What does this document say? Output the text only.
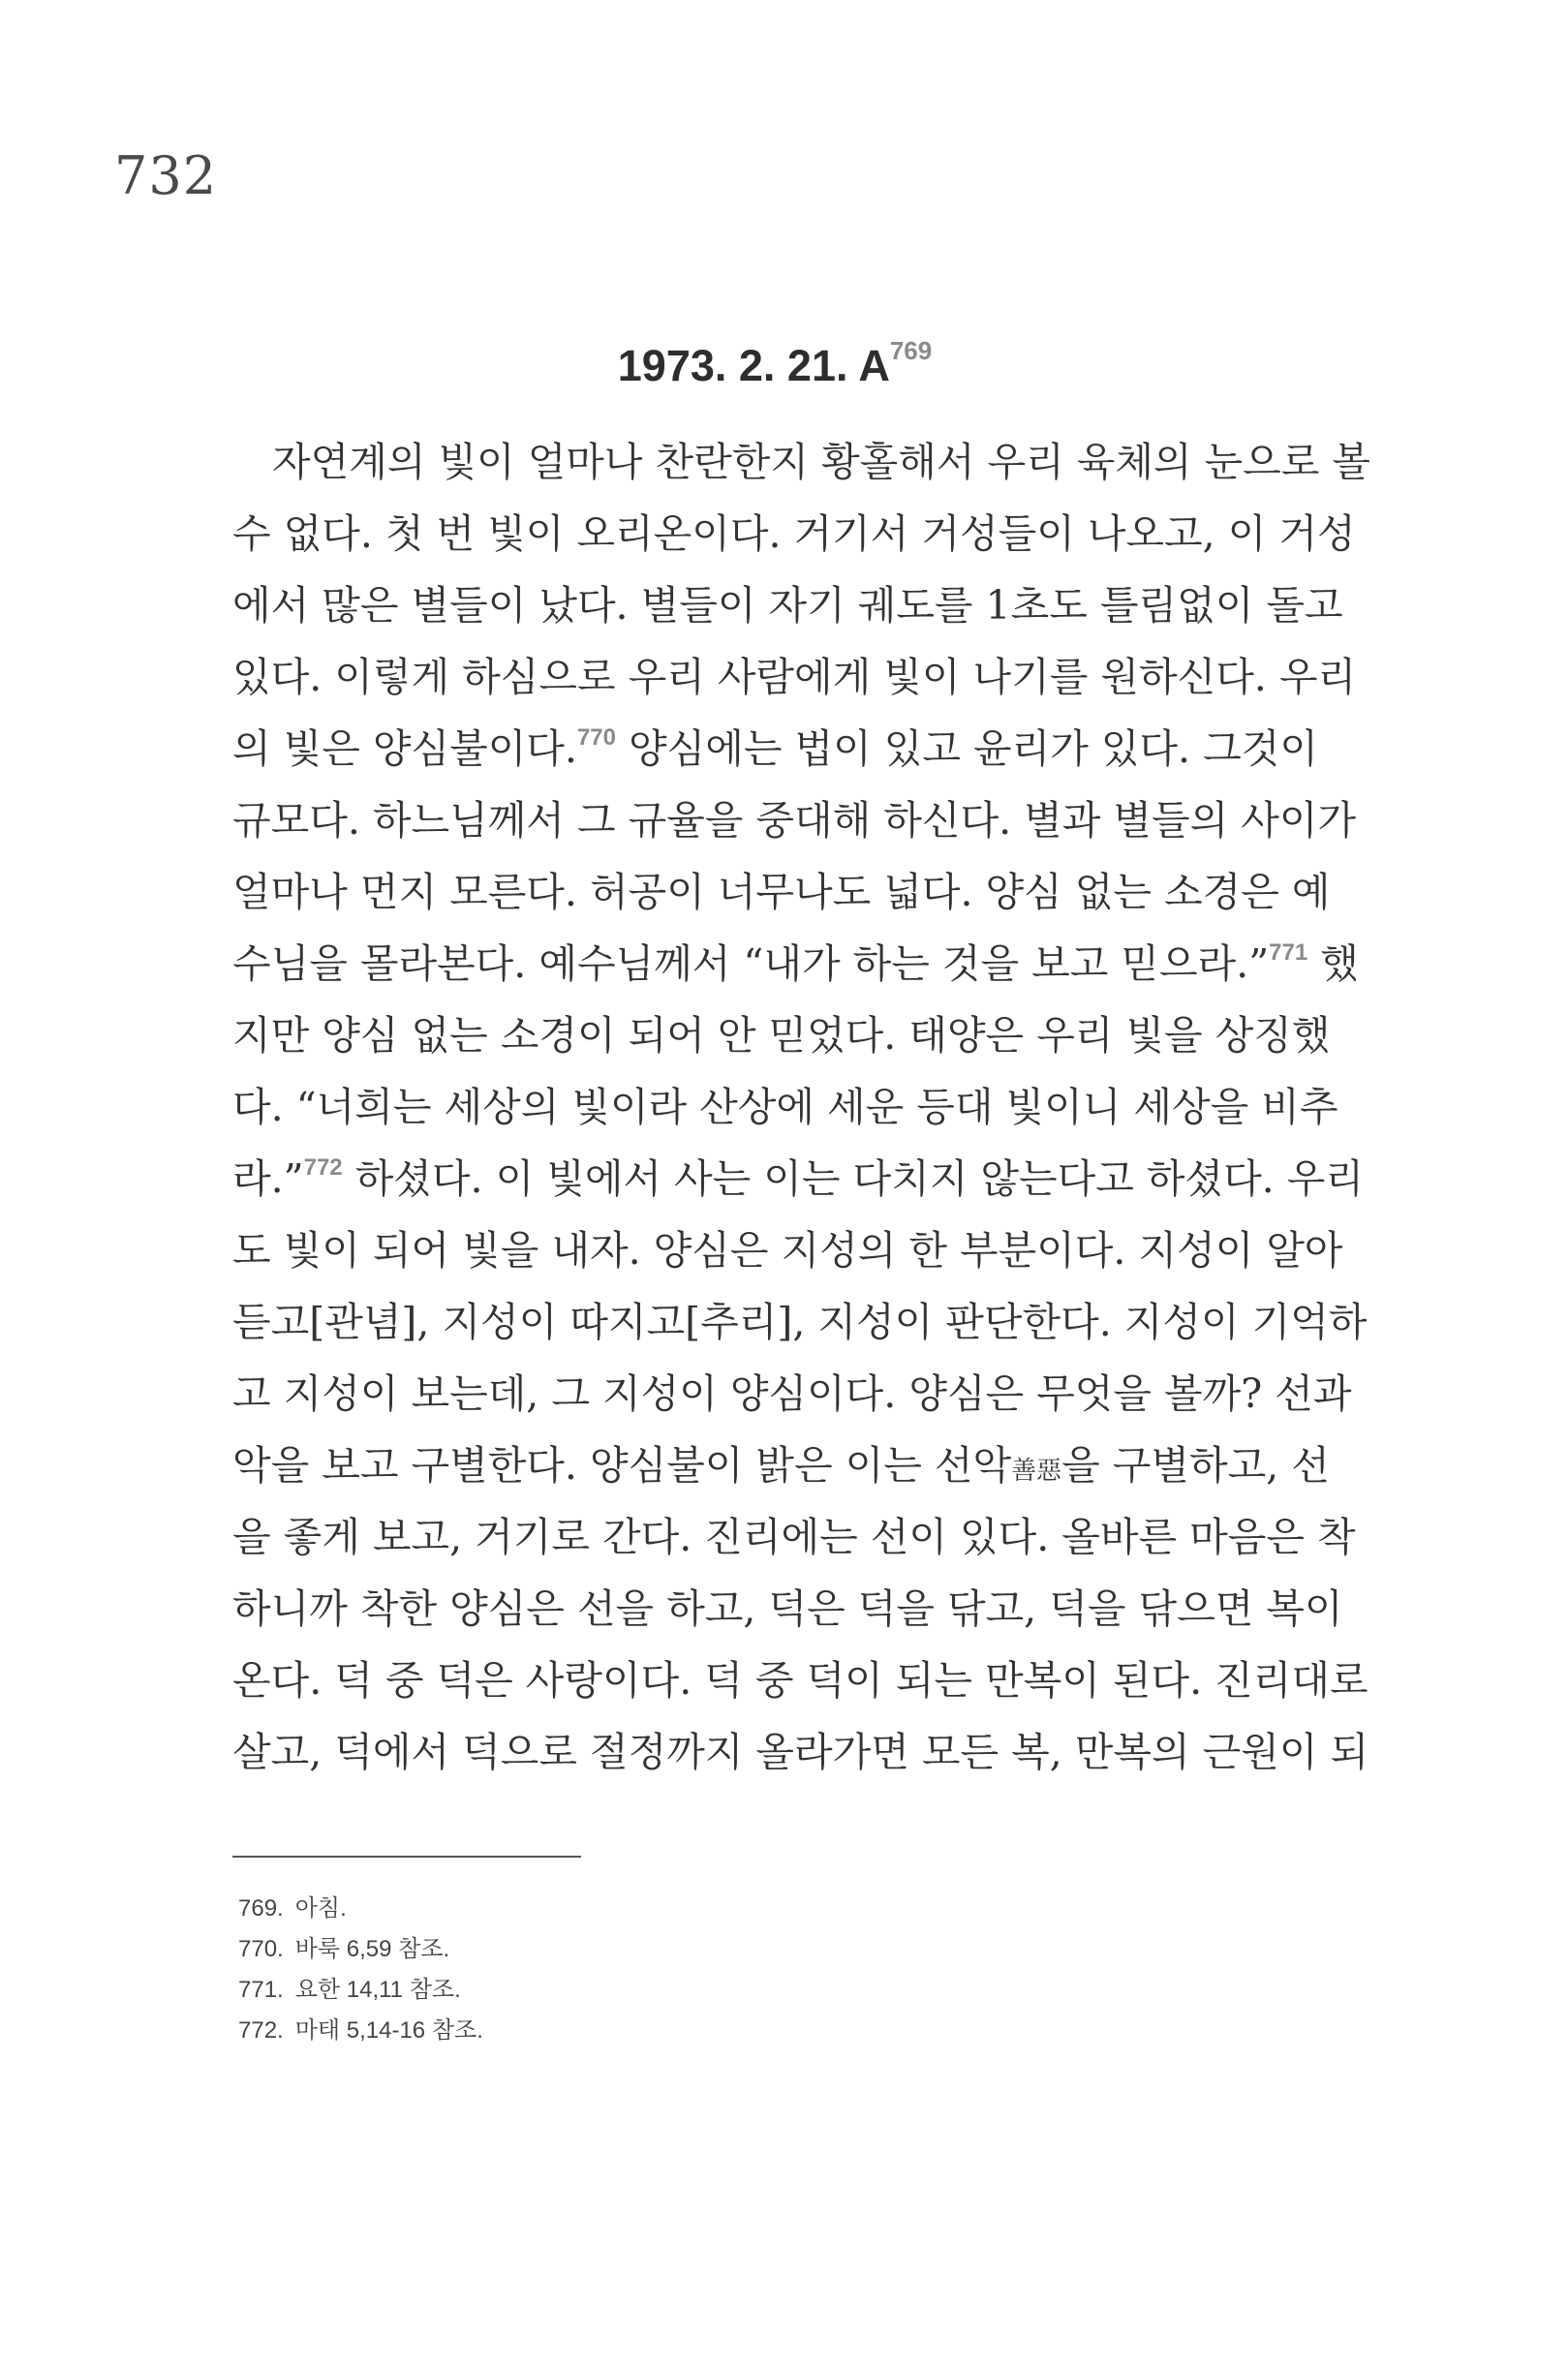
732
1973. 2. 21. $A^{769}$
자연계의 빛이 얼마나 찬란한지 황홀해서 우리 육체의 눈으로 볼
수 없다. 첫 번 빛이 오리온이다. 거기서 거성들이 나오고, 이 거성
에서 많은 별들이 났다. 별들이 자기 궤도를 1초도 틀림없이 돌고
있다. 이렇게 하심으로 우리 사람에게 빛이 나기를 원하신다. 우리
의 빛은 양심불이다.$^{770}$ 양심에는 법이 있고 윤리가 있다. 그것이
규모다. 하느님께서 그 규율을 중대해 하신다. 별과 별들의 사이가
얼마나 먼지 모른다. 허공이 너무나도 넓다. 양심 없는 소경은 예
수님을 몰라본다. 예수님께서 “내가 하는 것을 보고 믿으라.”$^{771}$ 했
지만 양심 없는 소경이 되어 안 믿었다. 태양은 우리 빛을 상징했
다. “너희는 세상의 빛이라 산상에 세운 등대 빛이니 세상을 비추
라.”$^{772}$ 하셨다. 이 빛에서 사는 이는 다치지 않는다고 하셨다. 우리
도 빛이 되어 빛을 내자. 양심은 지성의 한 부분이다. 지성이 알아
듣고[관념], 지성이 따지고[추리], 지성이 판단한다. 지성이 기억하
고 지성이 보는데, 그 지성이 양심이다. 양심은 무엇을 볼까? 선과
악을 보고 구별한다. 양심불이 밝은 이는 선악善惡을 구별하고, 선
을 좋게 보고, 거기로 간다. 진리에는 선이 있다. 올바른 마음은 착
하니까 착한 양심은 선을 하고, 덕은 덕을 닦고, 덕을 닦으면 복이
온다. 덕 중 덕은 사랑이다. 덕 중 덕이 되는 만복이 된다. 진리대로
살고, 덕에서 덕으로 절정까지 올라가면 모든 복, 만복의 근원이 되
769. 아침.
770. 바룩 6,59 참조.
771. 요한 14,11 참조.
772. 마태 5,14-16 참조.
